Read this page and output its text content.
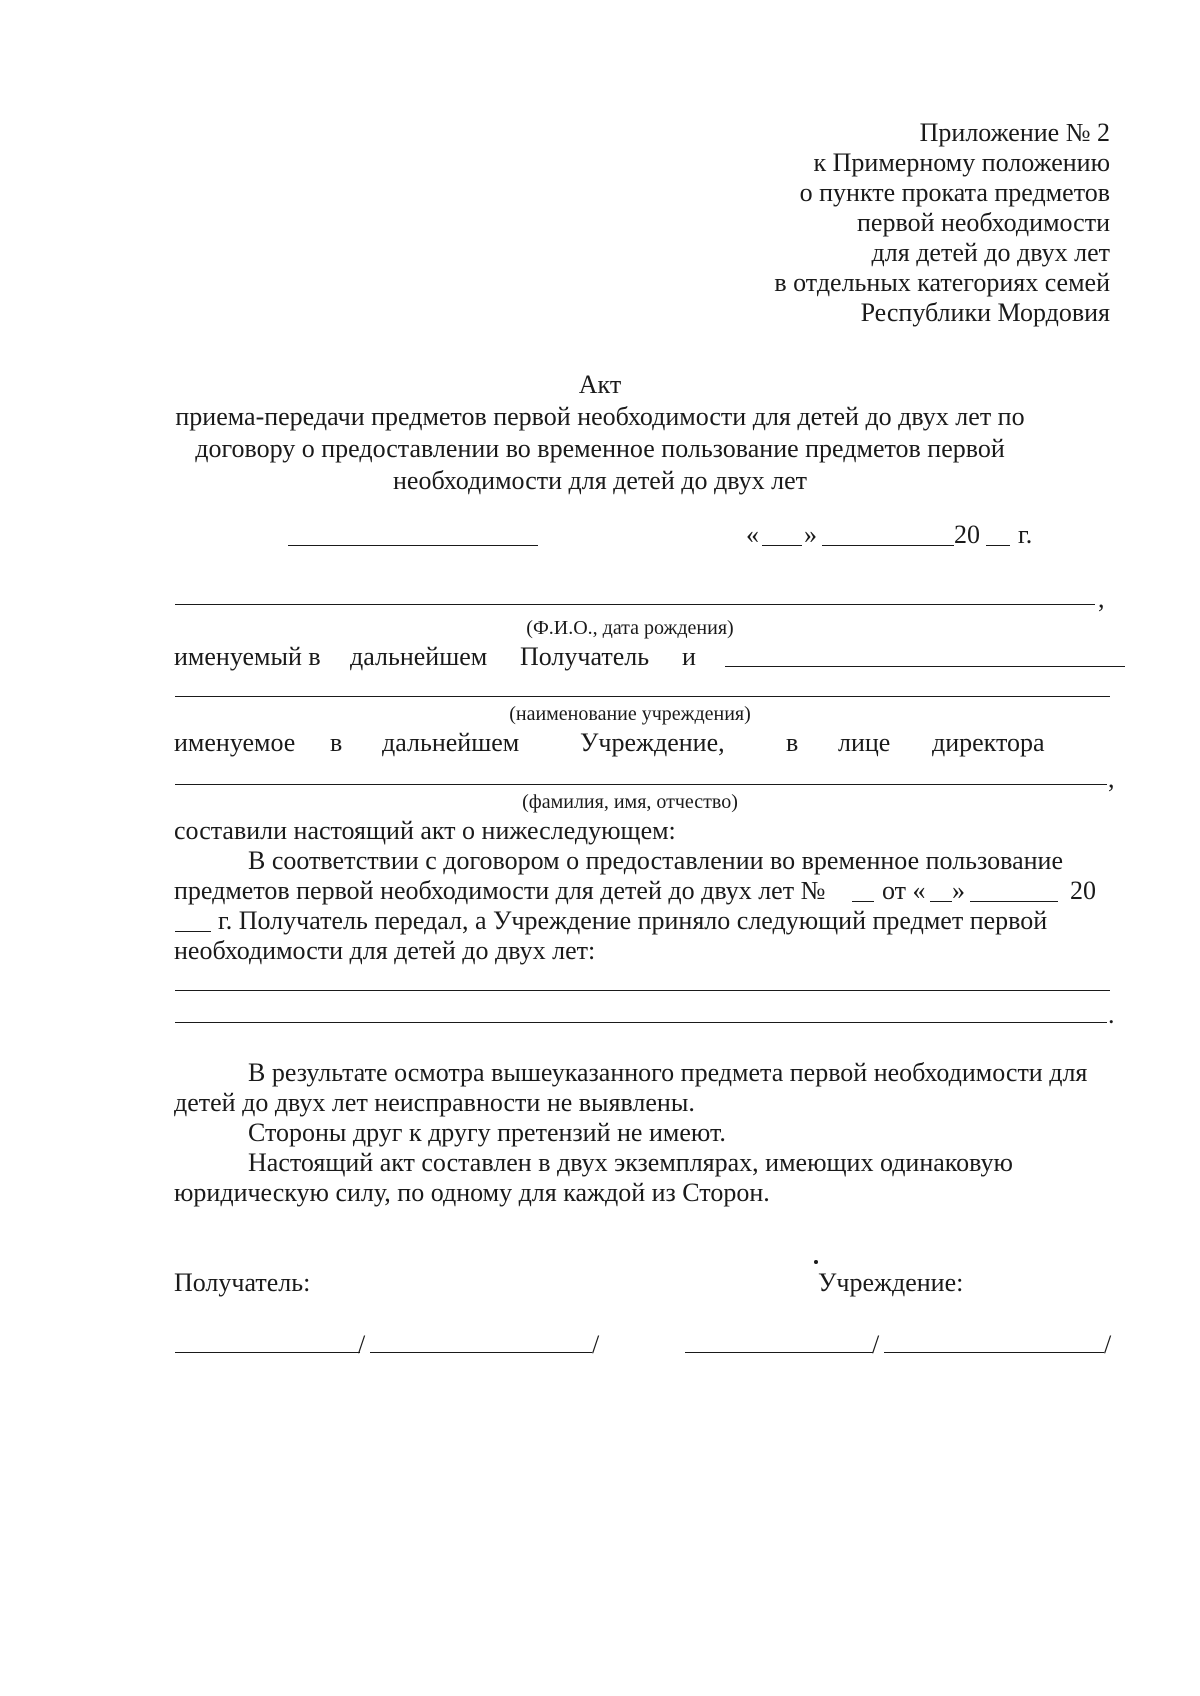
Приложение № 2
к Примерному положению
о пункте проката предметов
первой необходимости
для детей до двух лет
в отдельных категориях семей
Республики Мордовия
Акт
приема-передачи предметов первой необходимости для детей до двух лет по
договору о предоставлении во временное пользование предметов первой
необходимости для детей до двух лет
« »	20 г.
,
(Ф.И.О., дата рождения)
именуемый в дальнейшем Получатель и
(наименование учреждения)
именуемое в дальнейшем Учреждение, в лице директора
,
(фамилия, имя, отчество)
составили настоящий акт о нижеследующем:
В соответствии с договором о предоставлении во временное пользование
предметов первой необходимости для детей до двух лет № от « »	20
г. Получатель передал, а Учреждение приняло следующий предмет первой
необходимости для детей до двух лет:
.
В результате осмотра вышеуказанного предмета первой необходимости для
детей до двух лет неисправности не выявлены.
Стороны друг к другу претензий не имеют.
Настоящий акт составлен в двух экземплярах, имеющих одинаковую
юридическую силу, по одному для каждой из Сторон.
Получатель:	Учреждение:
/	/	/	/
